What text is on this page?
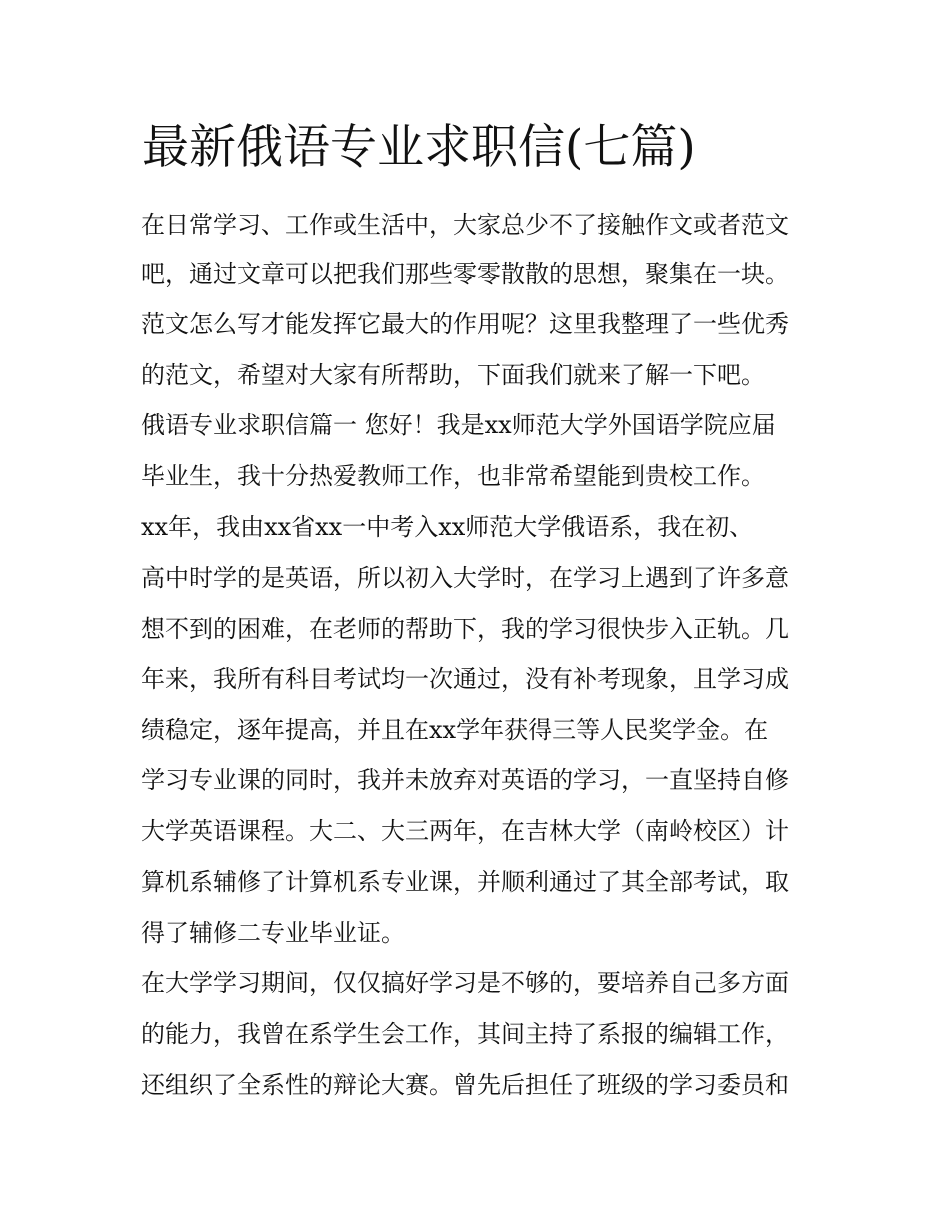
最新俄语专业求职信(七篇)

在日常学习、工作或生活中，大家总少不了接触作文或者范文

吧，通过文章可以把我们那些零零散散的思想，聚集在一块。

范文怎么写才能发挥它最大的作用呢？这里我整理了一些优秀

的范文，希望对大家有所帮助，下面我们就来了解一下吧。

俄语专业求职信篇一 您好！我是xx师范大学外国语学院应届

毕业生，我十分热爱教师工作，也非常希望能到贵校工作。

xx年，我由xx省xx一中考入xx师范大学俄语系，我在初、

高中时学的是英语，所以初入大学时，在学习上遇到了许多意

想不到的困难，在老师的帮助下，我的学习很快步入正轨。几

年来，我所有科目考试均一次通过，没有补考现象，且学习成

绩稳定，逐年提高，并且在xx学年获得三等人民奖学金。在

学习专业课的同时，我并未放弃对英语的学习，一直坚持自修

大学英语课程。大二、大三两年，在吉林大学（南岭校区）计

算机系辅修了计算机系专业课，并顺利通过了其全部考试，取

得了辅修二专业毕业证。

在大学学习期间，仅仅搞好学习是不够的，要培养自己多方面

的能力，我曾在系学生会工作，其间主持了系报的编辑工作，

还组织了全系性的辩论大赛。曾先后担任了班级的学习委员和
